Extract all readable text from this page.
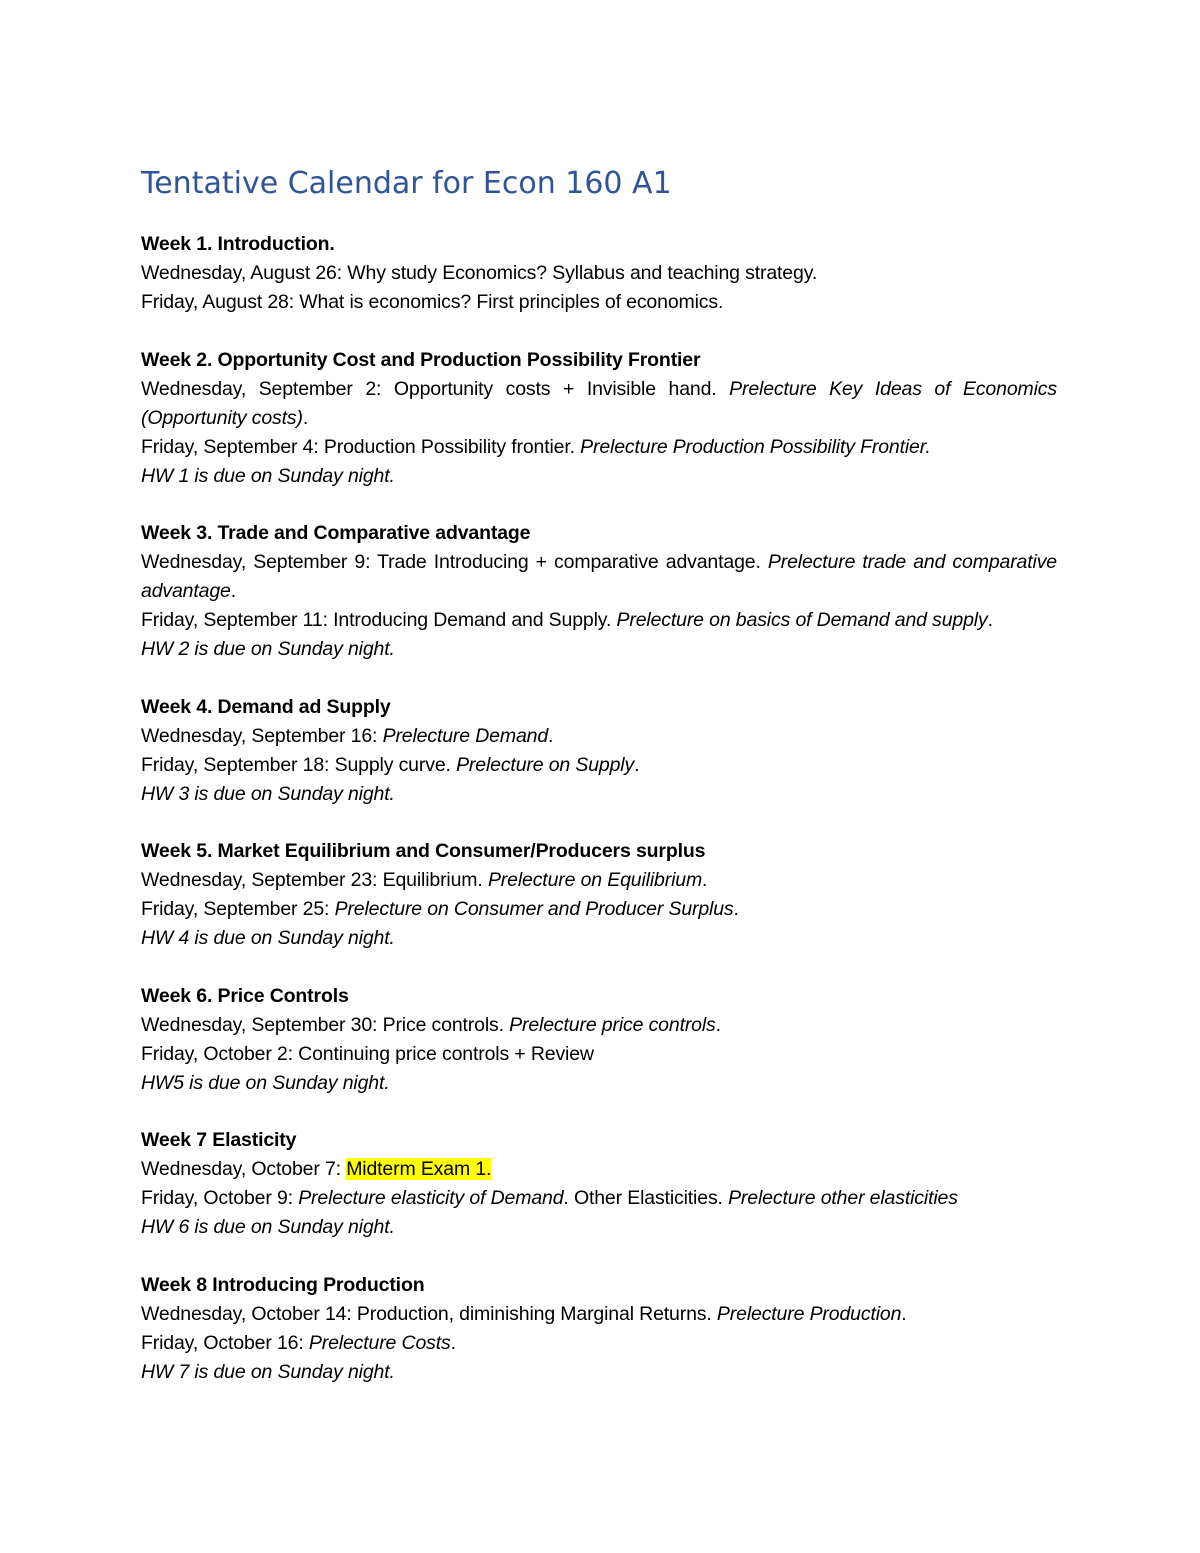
Tentative Calendar for Econ 160 A1
Week 1. Introduction.
Wednesday, August 26: Why study Economics? Syllabus and teaching strategy.
Friday, August 28: What is economics? First principles of economics.
Week 2. Opportunity Cost and Production Possibility Frontier
Wednesday, September 2: Opportunity costs + Invisible hand. Prelecture Key Ideas of Economics (Opportunity costs).
Friday, September 4: Production Possibility frontier. Prelecture Production Possibility Frontier.
HW 1 is due on Sunday night.
Week 3. Trade and Comparative advantage
Wednesday, September 9: Trade Introducing + comparative advantage. Prelecture trade and comparative advantage.
Friday, September 11: Introducing Demand and Supply. Prelecture on basics of Demand and supply.
HW 2 is due on Sunday night.
Week 4. Demand ad Supply
Wednesday, September 16: Prelecture Demand.
Friday, September 18: Supply curve. Prelecture on Supply.
HW 3 is due on Sunday night.
Week 5. Market Equilibrium and Consumer/Producers surplus
Wednesday, September 23: Equilibrium. Prelecture on Equilibrium.
Friday, September 25: Prelecture on Consumer and Producer Surplus.
HW 4 is due on Sunday night.
Week 6. Price Controls
Wednesday, September 30: Price controls. Prelecture price controls.
Friday, October 2: Continuing price controls + Review
HW5 is due on Sunday night.
Week 7 Elasticity
Wednesday, October 7: Midterm Exam 1.
Friday, October 9: Prelecture elasticity of Demand. Other Elasticities. Prelecture other elasticities
HW 6 is due on Sunday night.
Week 8 Introducing Production
Wednesday, October 14: Production, diminishing Marginal Returns. Prelecture Production.
Friday, October 16: Prelecture Costs.
HW 7 is due on Sunday night.
